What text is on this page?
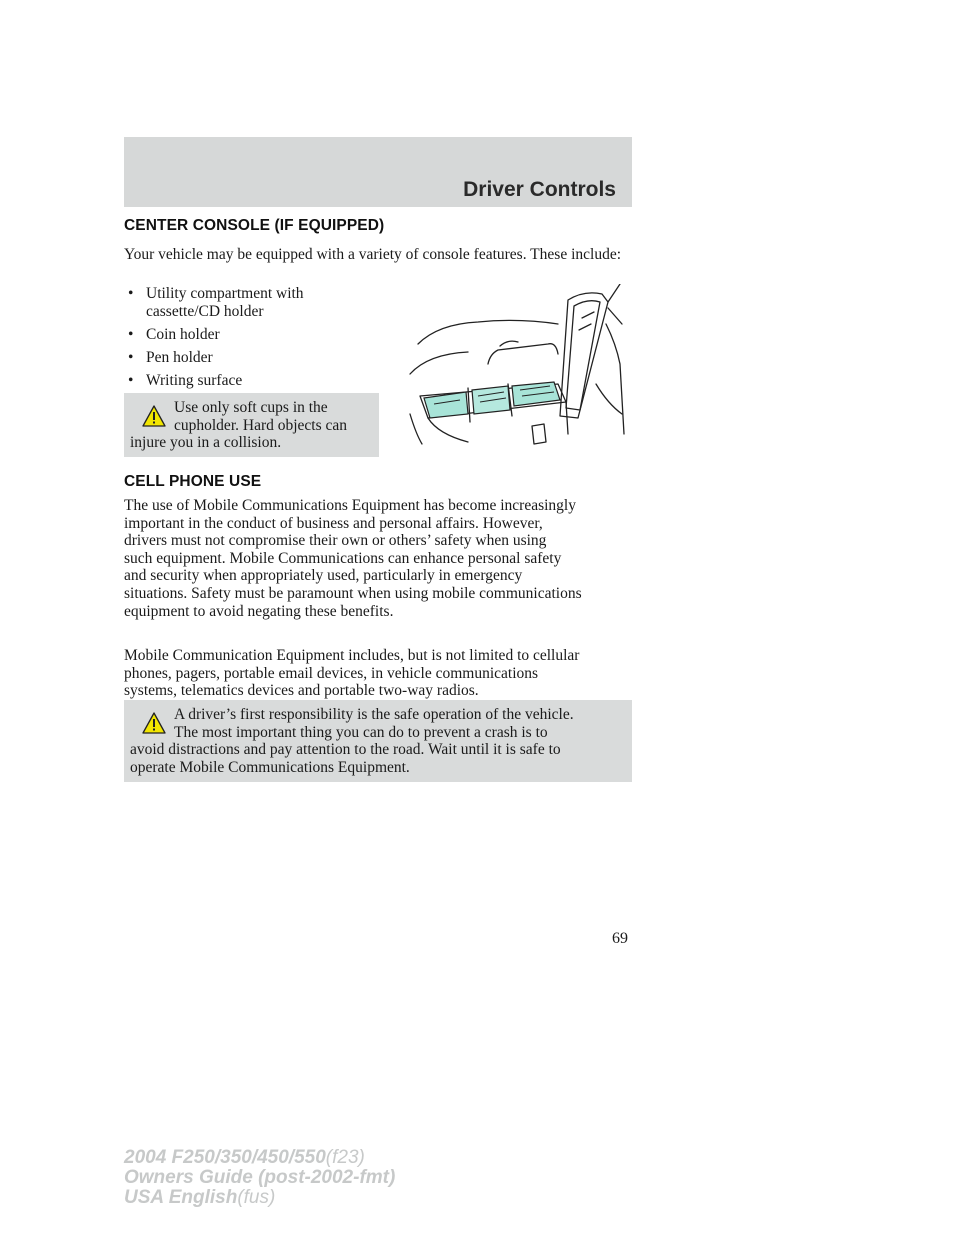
Driver Controls
CENTER CONSOLE (IF EQUIPPED)

Your vehicle may be equipped with a variety of console features. These include:

• Utility compartment with
cassette/CD holder
• Coin holder
• Pen holder
• Writing surface
Use only soft cups in the
cupholder. Hard objects can
injure you in a collision.
CELL PHONE USE
The use of Mobile Communications Equipment has become increasingly
important in the conduct of business and personal affairs. However,
drivers must not compromise their own or others’ safety when using
such equipment. Mobile Communications can enhance personal safety
and security when appropriately used, particularly in emergency
situations. Safety must be paramount when using mobile communications
equipment to avoid negating these benefits.
Mobile Communication Equipment includes, but is not limited to cellular
phones, pagers, portable email devices, in vehicle communications
systems, telematics devices and portable two-way radios.
A driver’s first responsibility is the safe operation of the vehicle.
The most important thing you can do to prevent a crash is to
avoid distractions and pay attention to the road. Wait until it is safe to
operate Mobile Communications Equipment.
69
2004 F250/350/450/550(f23)
Owners Guide (post-2002-fmt)
USA English(fus)
